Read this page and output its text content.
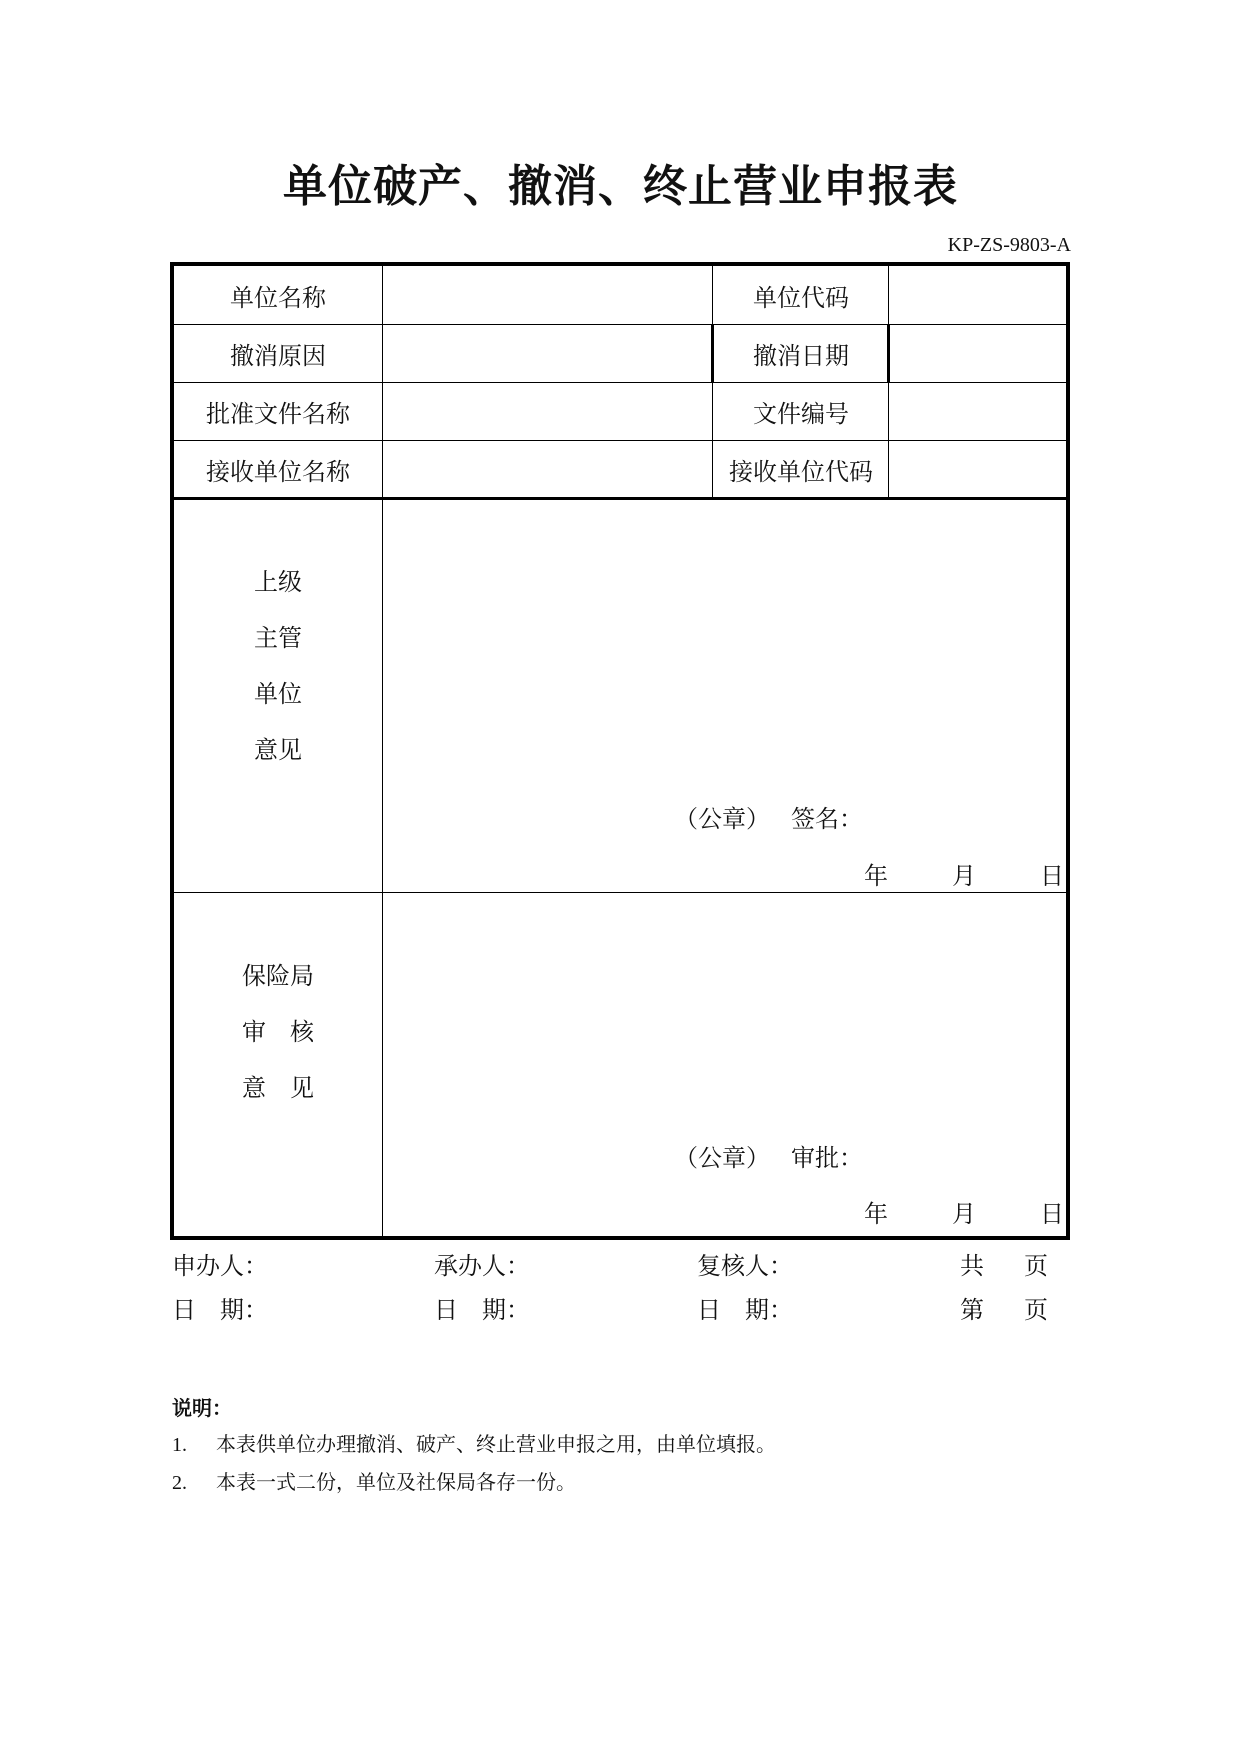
单位破产、撤消、终止营业申报表
KP-ZS-9803-A
单位名称	单位代码
撤消原因	撤消日期
批准文件名称	文件编号
接收单位名称	接收单位代码
上级
主管
单位
意见
（公章） 签名：
年	月	日
保险局
审　核
意　见
（公章） 审批：
年	月	日
申办人：	承办人：	复核人：	共 页
日　期：	日　期：	日　期：	第 页
说明：
1. 本表供单位办理撤消、破产、终止营业申报之用，由单位填报。
2. 本表一式二份，单位及社保局各存一份。
